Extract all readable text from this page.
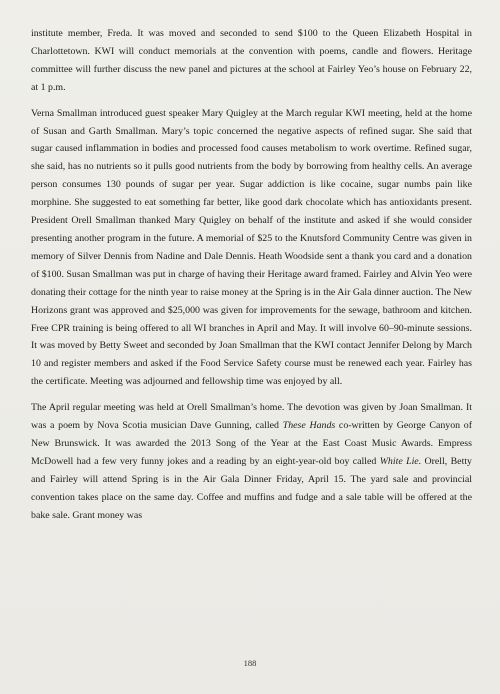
institute member, Freda. It was moved and seconded to send $100 to the Queen Elizabeth Hospital in Charlottetown. KWI will conduct memorials at the convention with poems, candle and flowers. Heritage committee will further discuss the new panel and pictures at the school at Fairley Yeo’s house on February 22, at 1 p.m.

Verna Smallman introduced guest speaker Mary Quigley at the March regular KWI meeting, held at the home of Susan and Garth Smallman. Mary’s topic concerned the negative aspects of refined sugar. She said that sugar caused inflammation in bodies and processed food causes metabolism to work overtime. Refined sugar, she said, has no nutrients so it pulls good nutrients from the body by borrowing from healthy cells. An average person consumes 130 pounds of sugar per year. Sugar addiction is like cocaine, sugar numbs pain like morphine. She suggested to eat something far better, like good dark chocolate which has antioxidants present. President Orell Smallman thanked Mary Quigley on behalf of the institute and asked if she would consider presenting another program in the future. A memorial of $25 to the Knutsford Community Centre was given in memory of Silver Dennis from Nadine and Dale Dennis. Heath Woodside sent a thank you card and a donation of $100. Susan Smallman was put in charge of having their Heritage award framed. Fairley and Alvin Yeo were donating their cottage for the ninth year to raise money at the Spring is in the Air Gala dinner auction. The New Horizons grant was approved and $25,000 was given for improvements for the sewage, bathroom and kitchen. Free CPR training is being offered to all WI branches in April and May. It will involve 60–90-minute sessions. It was moved by Betty Sweet and seconded by Joan Smallman that the KWI contact Jennifer Delong by March 10 and register members and asked if the Food Service Safety course must be renewed each year. Fairley has the certificate. Meeting was adjourned and fellowship time was enjoyed by all.

The April regular meeting was held at Orell Smallman’s home. The devotion was given by Joan Smallman. It was a poem by Nova Scotia musician Dave Gunning, called These Hands co-written by George Canyon of New Brunswick. It was awarded the 2013 Song of the Year at the East Coast Music Awards. Empress McDowell had a few very funny jokes and a reading by an eight-year-old boy called White Lie. Orell, Betty and Fairley will attend Spring is in the Air Gala Dinner Friday, April 15. The yard sale and provincial convention takes place on the same day. Coffee and muffins and fudge and a sale table will be offered at the bake sale. Grant money was

188
